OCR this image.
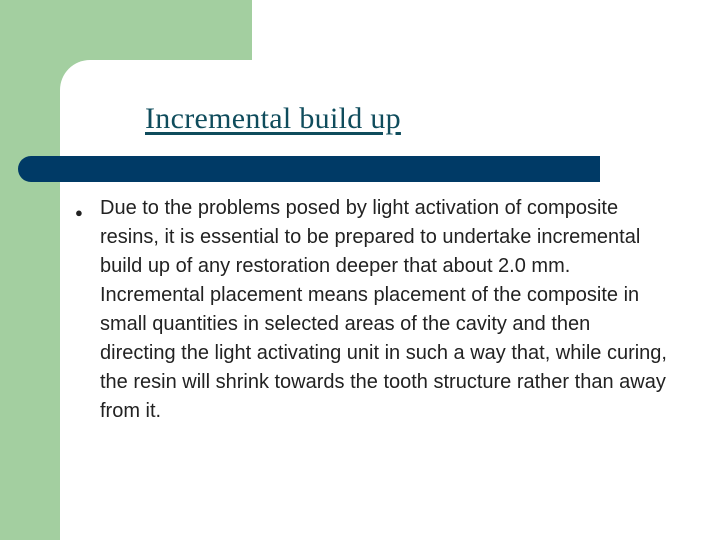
Incremental build up
● Due to the problems posed by light activation of composite resins, it is essential to be prepared to undertake incremental build up of any restoration deeper that about 2.0 mm. Incremental placement means placement of the composite in small quantities in selected areas of the cavity and then directing the light activating unit in such a way that, while curing, the resin will shrink towards the tooth structure rather than away from it.
